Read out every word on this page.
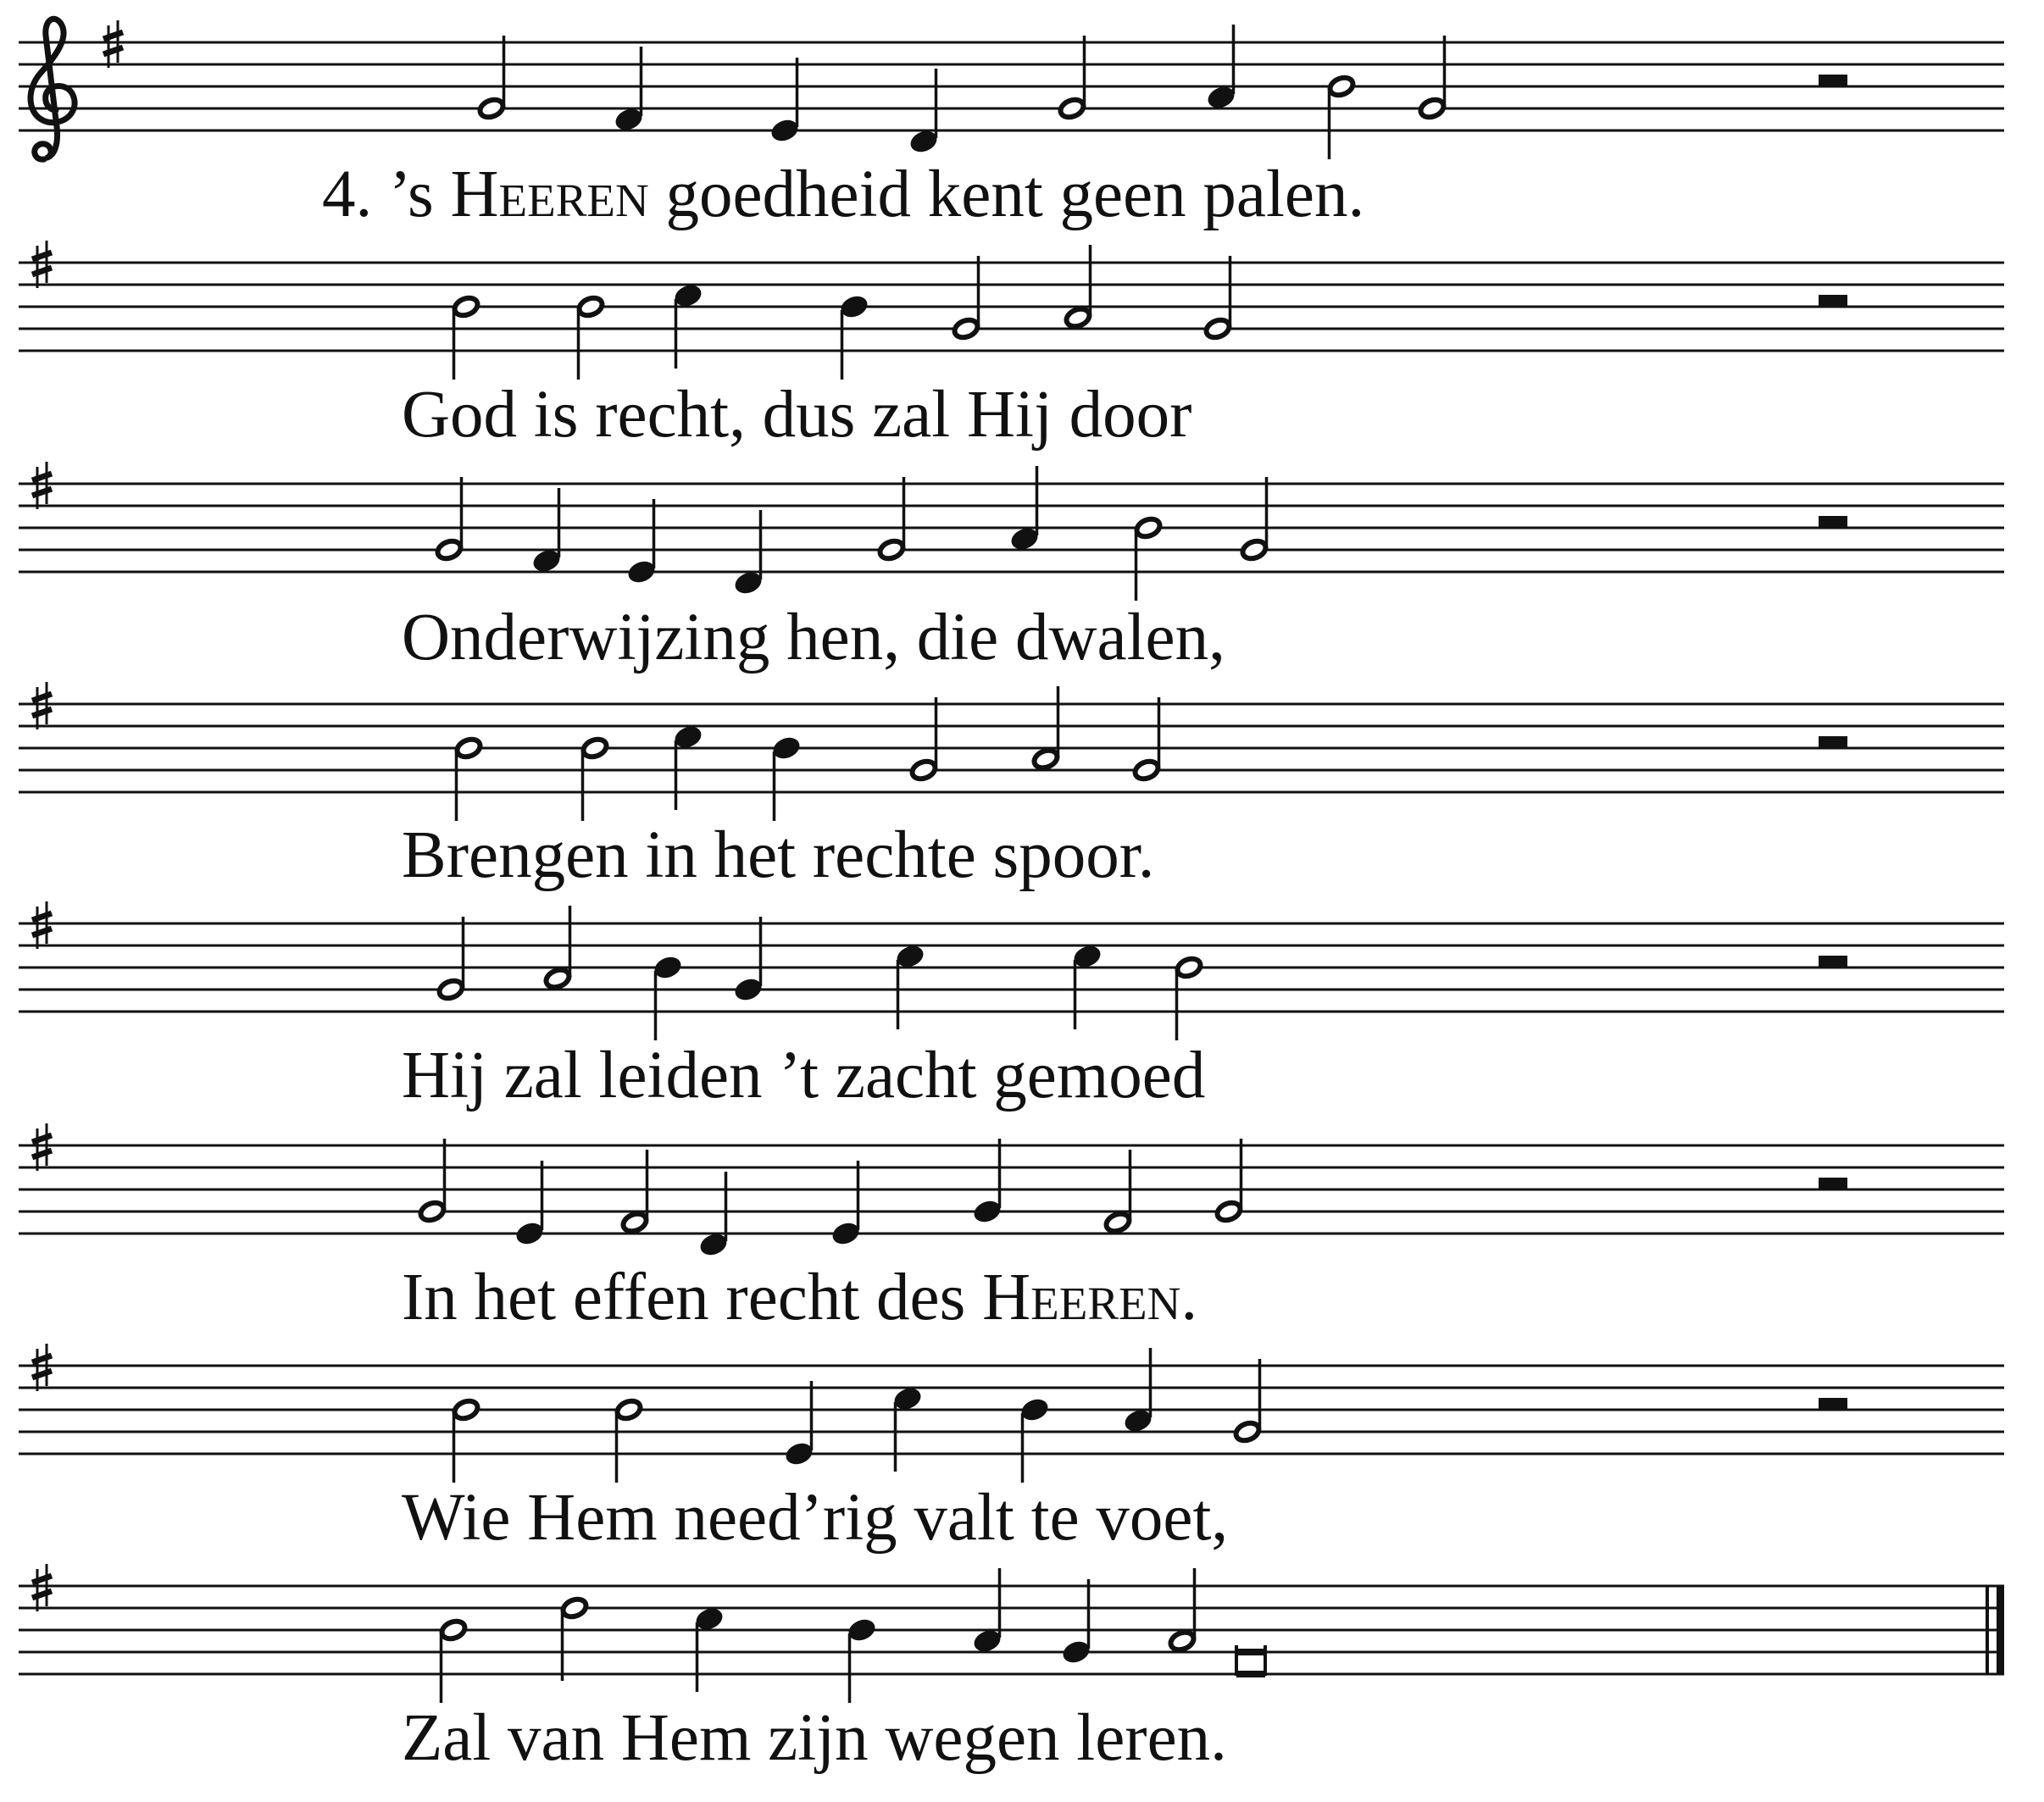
4. ’s Heeren goedheid kent geen palen.
God is recht, dus zal Hij door
Onderwijzing hen, die dwalen,
Brengen in het rechte spoor.
Hij zal leiden ’t zacht gemoed
In het effen recht des Heeren.
Wie Hem need’rig valt te voet,
Zal van Hem zijn wegen leren.
